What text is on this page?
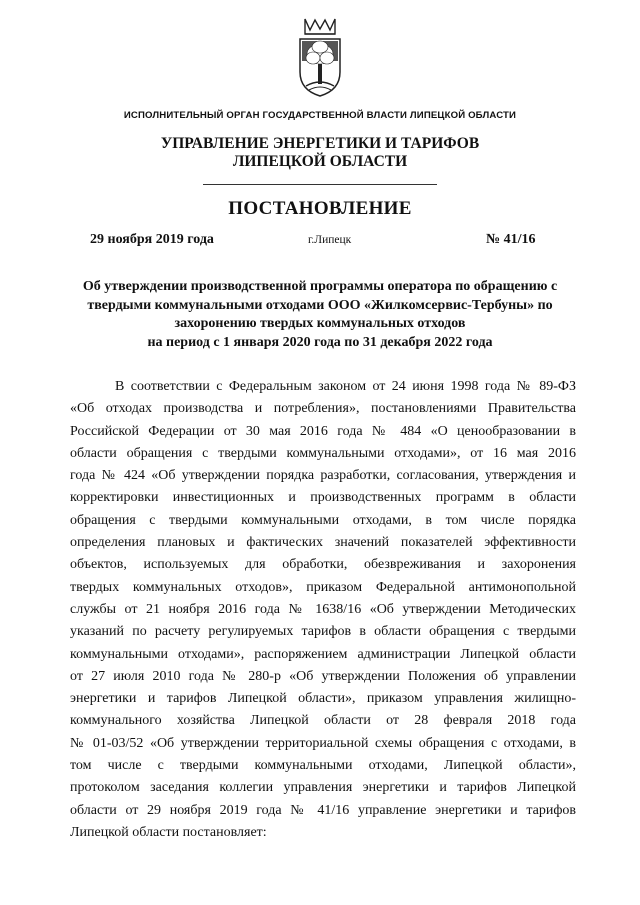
ИСПОЛНИТЕЛЬНЫЙ ОРГАН ГОСУДАРСТВЕННОЙ ВЛАСТИ ЛИПЕЦКОЙ ОБЛАСТИ
УПРАВЛЕНИЕ ЭНЕРГЕТИКИ И ТАРИФОВ
ЛИПЕЦКОЙ ОБЛАСТИ
ПОСТАНОВЛЕНИЕ
29 ноября 2019 года	г.Липецк	№ 41/16
Об утверждении производственной программы оператора по обращению с
твердыми коммунальными отходами ООО «Жилкомсервис-Тербуны» по
захоронению твердых коммунальных отходов
на период с 1 января 2020 года по 31 декабря 2022 года
В соответствии с Федеральным законом от 24 июня 1998 года № 89-ФЗ
«Об отходах производства и потребления», постановлениями Правительства
Российской Федерации от 30 мая 2016 года № 484 «О ценообразовании в
области обращения с твердыми коммунальными отходами», от 16 мая 2016
года № 424 «Об утверждении порядка разработки, согласования, утверждения и
корректировки инвестиционных и производственных программ в области
обращения с твердыми коммунальными отходами, в том числе порядка
определения плановых и фактических значений показателей эффективности
объектов, используемых для обработки, обезвреживания и захоронения
твердых коммунальных отходов», приказом Федеральной антимонопольной
службы от 21 ноября 2016 года № 1638/16 «Об утверждении Методических
указаний по расчету регулируемых тарифов в области обращения с твердыми
коммунальными отходами», распоряжением администрации Липецкой области
от 27 июля 2010 года № 280-р «Об утверждении Положения об управлении
энергетики и тарифов Липецкой области», приказом управления жилищно-
коммунального хозяйства Липецкой области от 28 февраля 2018 года
№ 01-03/52 «Об утверждении территориальной схемы обращения с отходами, в
том числе с твердыми коммунальными отходами, Липецкой области»,
протоколом заседания коллегии управления энергетики и тарифов Липецкой
области от 29 ноября 2019 года № 41/16 управление энергетики и тарифов
Липецкой области постановляет:
